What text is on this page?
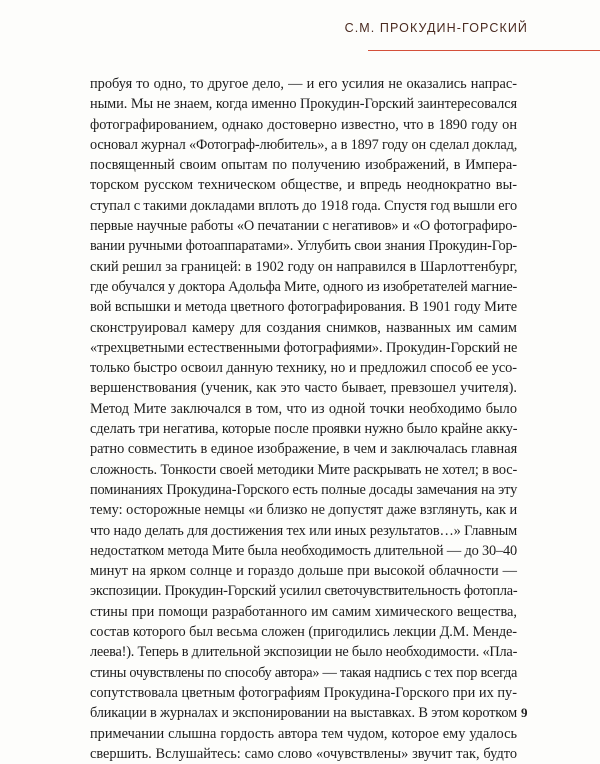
С.М. ПРОКУДИН-ГОРСКИЙ
пробуя то одно, то другое дело, — и его усилия не оказались напрас-
ными. Мы не знаем, когда именно Прокудин-Горский заинтересовался
фотографированием, однако достоверно известно, что в 1890 году он
основал журнал «Фотограф-любитель», а в 1897 году он сделал доклад,
посвященный своим опытам по получению изображений, в Импера-
торском русском техническом обществе, и впредь неоднократно вы-
ступал с такими докладами вплоть до 1918 года. Спустя год вышли его
первые научные работы «О печатании с негативов» и «О фотографиро-
вании ручными фотоаппаратами». Углубить свои знания Прокудин-Гор-
ский решил за границей: в 1902 году он направился в Шарлоттенбург,
где обучался у доктора Адольфа Мите, одного из изобретателей магние-
вой вспышки и метода цветного фотографирования. В 1901 году Мите
сконструировал камеру для создания снимков, названных им самим
«трехцветными естественными фотографиями». Прокудин-Горский не
только быстро освоил данную технику, но и предложил способ ее усо-
вершенствования (ученик, как это часто бывает, превзошел учителя).
Метод Мите заключался в том, что из одной точки необходимо было
сделать три негатива, которые после проявки нужно было крайне акку-
ратно совместить в единое изображение, в чем и заключалась главная
сложность. Тонкости своей методики Мите раскрывать не хотел; в вос-
поминаниях Прокудина-Горского есть полные досады замечания на эту
тему: осторожные немцы «и близко не допустят даже взглянуть, как и
что надо делать для достижения тех или иных результатов…» Главным
недостатком метода Мите была необходимость длительной — до 30–40
минут на ярком солнце и гораздо дольше при высокой облачности —
экспозиции. Прокудин-Горский усилил светочувствительность фотопла-
стины при помощи разработанного им самим химического вещества,
состав которого был весьма сложен (пригодились лекции Д.М. Менде-
леева!). Теперь в длительной экспозиции не было необходимости. «Пла-
стины очувствлены по способу автора» — такая надпись с тех пор всегда
сопутствовала цветным фотографиям Прокудина-Горского при их пу-
бликации в журналах и экспонировании на выставках. В этом коротком
примечании слышна гордость автора тем чудом, которое ему удалось
свершить. Вслушайтесь: само слово «очувствлены» звучит так, будто
9
